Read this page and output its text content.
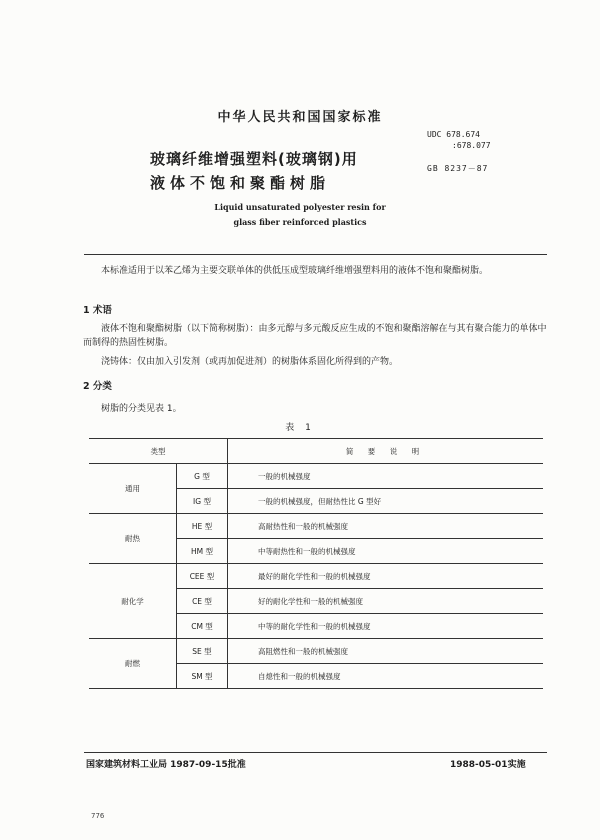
中华人民共和国国家标准
玻璃纤维增强塑料(玻璃钢)用
液体不饱和聚酯树脂
UDC 678.674
:678.077
GB 8237－87
Liquid unsaturated polyester resin for
glass fiber reinforced plastics
本标准适用于以苯乙烯为主要交联单体的供低压成型玻璃纤维增强塑料用的液体不饱和聚酯树脂。
1 术语
液体不饱和聚酯树脂（以下简称树脂）：由多元醇与多元酸反应生成的不饱和聚酯溶解在与其有聚合能力的单体中而制得的热固性树脂。
浇铸体：仅由加入引发剂（或再加促进剂）的树脂体系固化所得到的产物。
2 分类
树脂的分类见表 1。
表 1
类型		简 要 说 明
通用	G 型	一般的机械强度
	IG 型	一般的机械强度，但耐热性比 G 型好
耐热	HE 型	高耐热性和一般的机械强度
	HM 型	中等耐热性和一般的机械强度
耐化学	CEE 型	最好的耐化学性和一般的机械强度
	CE 型	好的耐化学性和一般的机械强度
	CM 型	中等的耐化学性和一般的机械强度
耐燃	SE 型	高阻燃性和一般的机械强度
	SM 型	自熄性和一般的机械强度
国家建筑材料工业局 1987-09-15批准	1988-05-01实施
776
